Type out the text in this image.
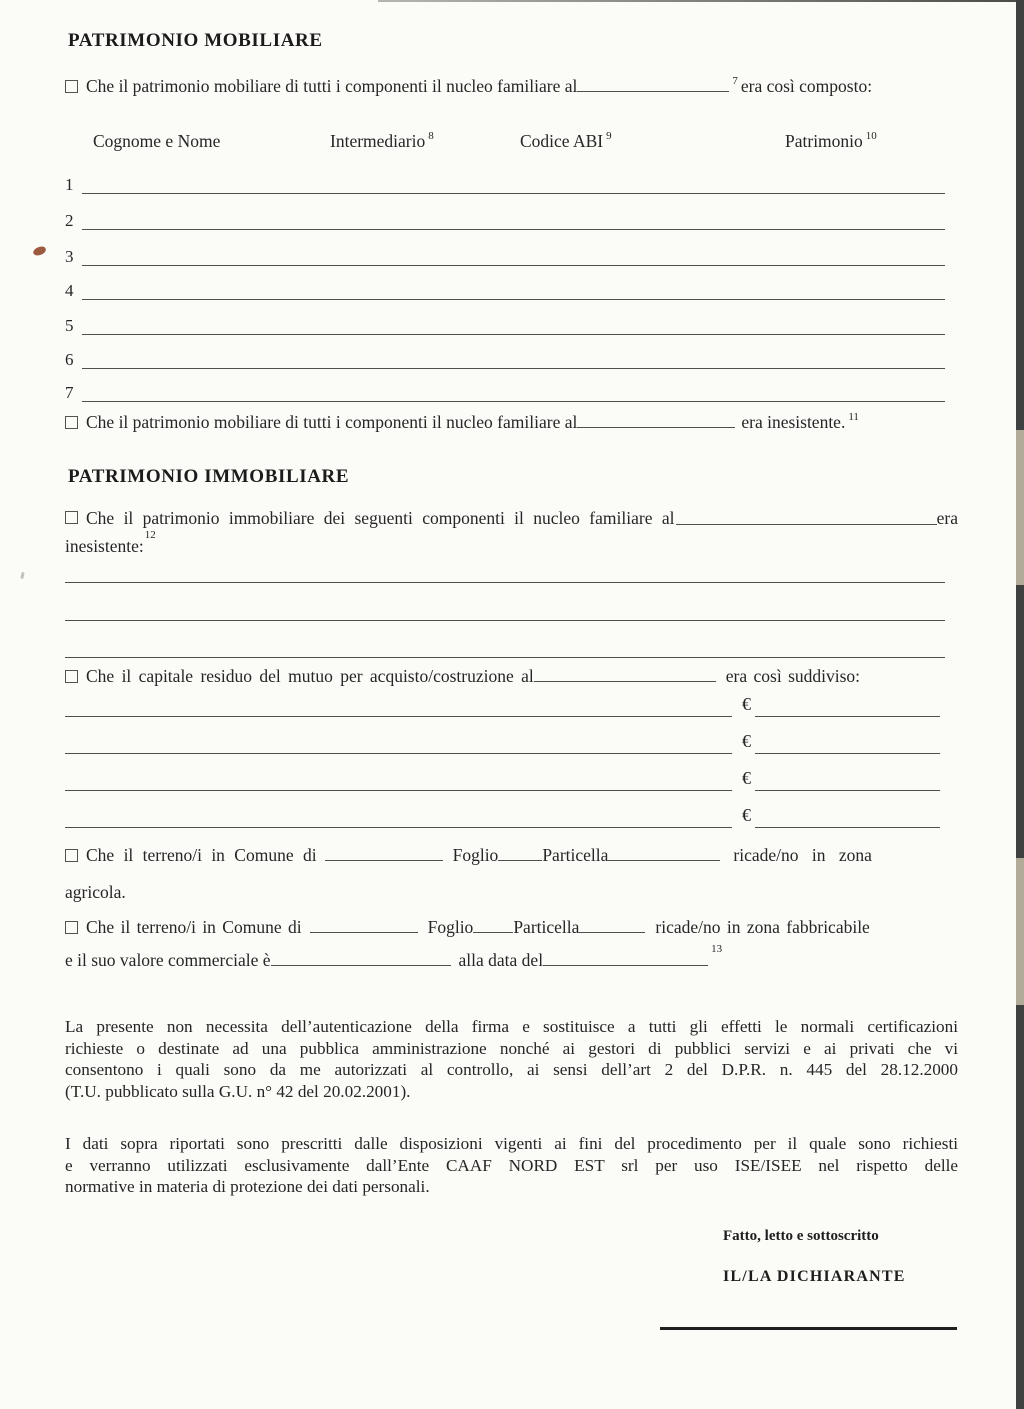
PATRIMONIO MOBILIARE
Che il patrimonio mobiliare di tutti i componenti il nucleo familiare al	$^7$ era così composto:
Cognome e Nome	Intermediario $^8$	Codice ABI $^9$	Patrimonio $^{10}$
1
2
3
4
5
6
7
Che il patrimonio mobiliare di tutti i componenti il nucleo familiare al	era inesistente. $^{11}$
PATRIMONIO IMMOBILIARE
Che il patrimonio immobiliare dei seguenti componenti il nucleo familiare al	era
inesistente:$^{12}$
Che il capitale residuo del mutuo per acquisto/costruzione al	era così suddiviso:
€
€
€
€
Che il terreno/i in Comune di	Foglio	Particella	ricade/no in zona
agricola.
Che il terreno/i in Comune di	Foglio Particella	ricade/no in zona fabbricabile
e il suo valore commerciale è	alla data del$^{13}$
La presente non necessita dell’autenticazione della firma e sostituisce a tutti gli effetti le normali certificazioni
richieste o destinate ad una pubblica amministrazione nonché ai gestori di pubblici servizi e ai privati che vi
consentono i quali sono da me autorizzati al controllo, ai sensi dell’art 2 del D.P.R. n. 445 del 28.12.2000
(T.U. pubblicato sulla G.U. n° 42 del 20.02.2001).
I dati sopra riportati sono prescritti dalle disposizioni vigenti ai fini del procedimento per il quale sono richiesti
e verranno utilizzati esclusivamente dall’Ente CAAF NORD EST srl per uso ISE/ISEE nel rispetto delle
normative in materia di protezione dei dati personali.
Fatto, letto e sottoscritto
IL/LA DICHIARANTE
